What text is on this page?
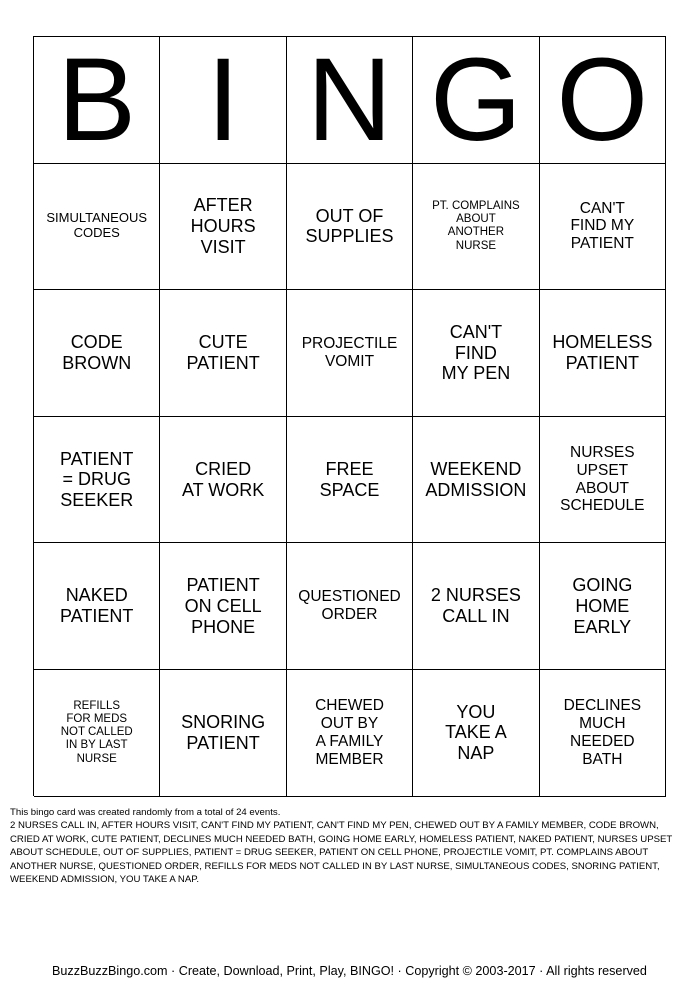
B I N G O
SIMULTANEOUS
CODES
AFTER
HOURS
VISIT
OUT OF
SUPPLIES
PT. COMPLAINS
ABOUT
ANOTHER
NURSE
CAN'T
FIND MY
PATIENT
CODE
BROWN
CUTE
PATIENT
PROJECTILE
VOMIT
CAN'T
FIND
MY PEN
HOMELESS
PATIENT
PATIENT
= DRUG
SEEKER
CRIED
AT WORK
FREE
SPACE
WEEKEND
ADMISSION
NURSES
UPSET
ABOUT
SCHEDULE
NAKED
PATIENT
PATIENT
ON CELL
PHONE
QUESTIONED
ORDER
2 NURSES
CALL IN
GOING
HOME
EARLY
REFILLS
FOR MEDS
NOT CALLED
IN BY LAST
NURSE
SNORING
PATIENT
CHEWED
OUT BY
A FAMILY
MEMBER
YOU
TAKE A
NAP
DECLINES
MUCH
NEEDED
BATH
This bingo card was created randomly from a total of 24 events.
2 NURSES CALL IN, AFTER HOURS VISIT, CAN'T FIND MY PATIENT, CAN'T FIND MY PEN, CHEWED OUT BY A FAMILY MEMBER, CODE BROWN, CRIED AT WORK, CUTE PATIENT, DECLINES MUCH NEEDED BATH, GOING HOME EARLY, HOMELESS PATIENT, NAKED PATIENT, NURSES UPSET ABOUT SCHEDULE, OUT OF SUPPLIES, PATIENT = DRUG SEEKER, PATIENT ON CELL PHONE, PROJECTILE VOMIT, PT. COMPLAINS ABOUT ANOTHER NURSE, QUESTIONED ORDER, REFILLS FOR MEDS NOT CALLED IN BY LAST NURSE, SIMULTANEOUS CODES, SNORING PATIENT, WEEKEND ADMISSION, YOU TAKE A NAP.
BuzzBuzzBingo.com · Create, Download, Print, Play, BINGO! · Copyright © 2003-2017 · All rights reserved
